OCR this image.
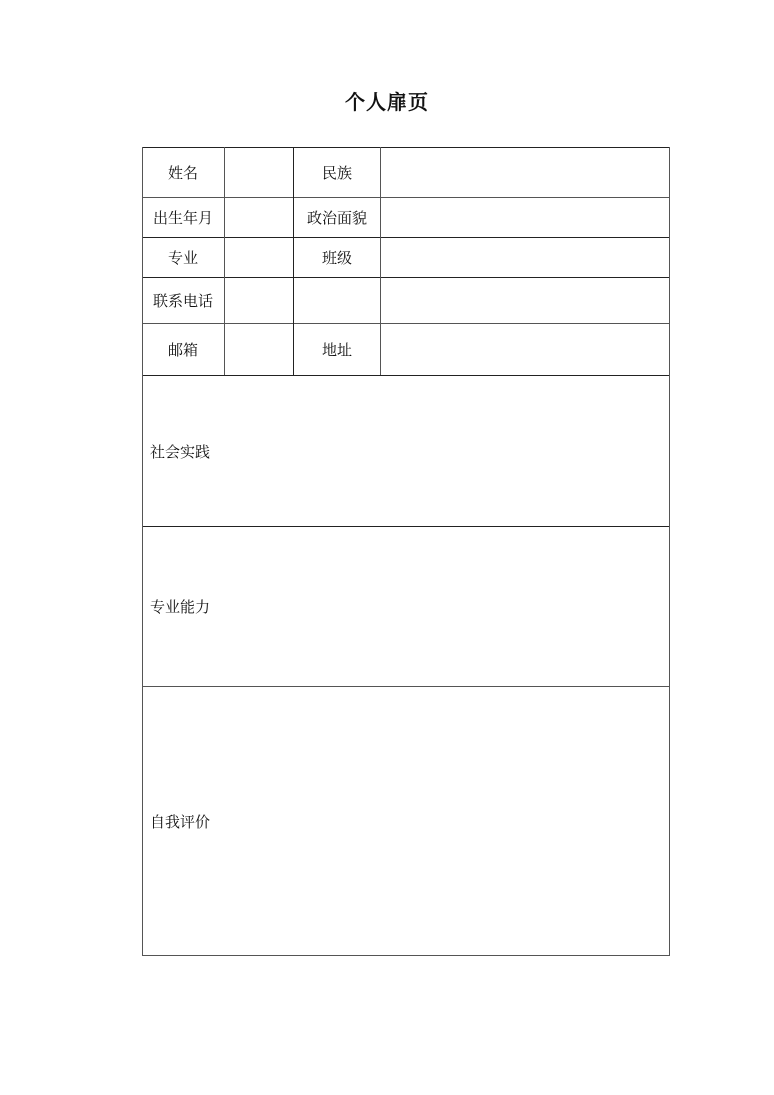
个人扉页
姓名	民族
出生年月	政治面貌
专业	班级
联系电话
邮箱	地址
社会实践
专业能力
自我评价
